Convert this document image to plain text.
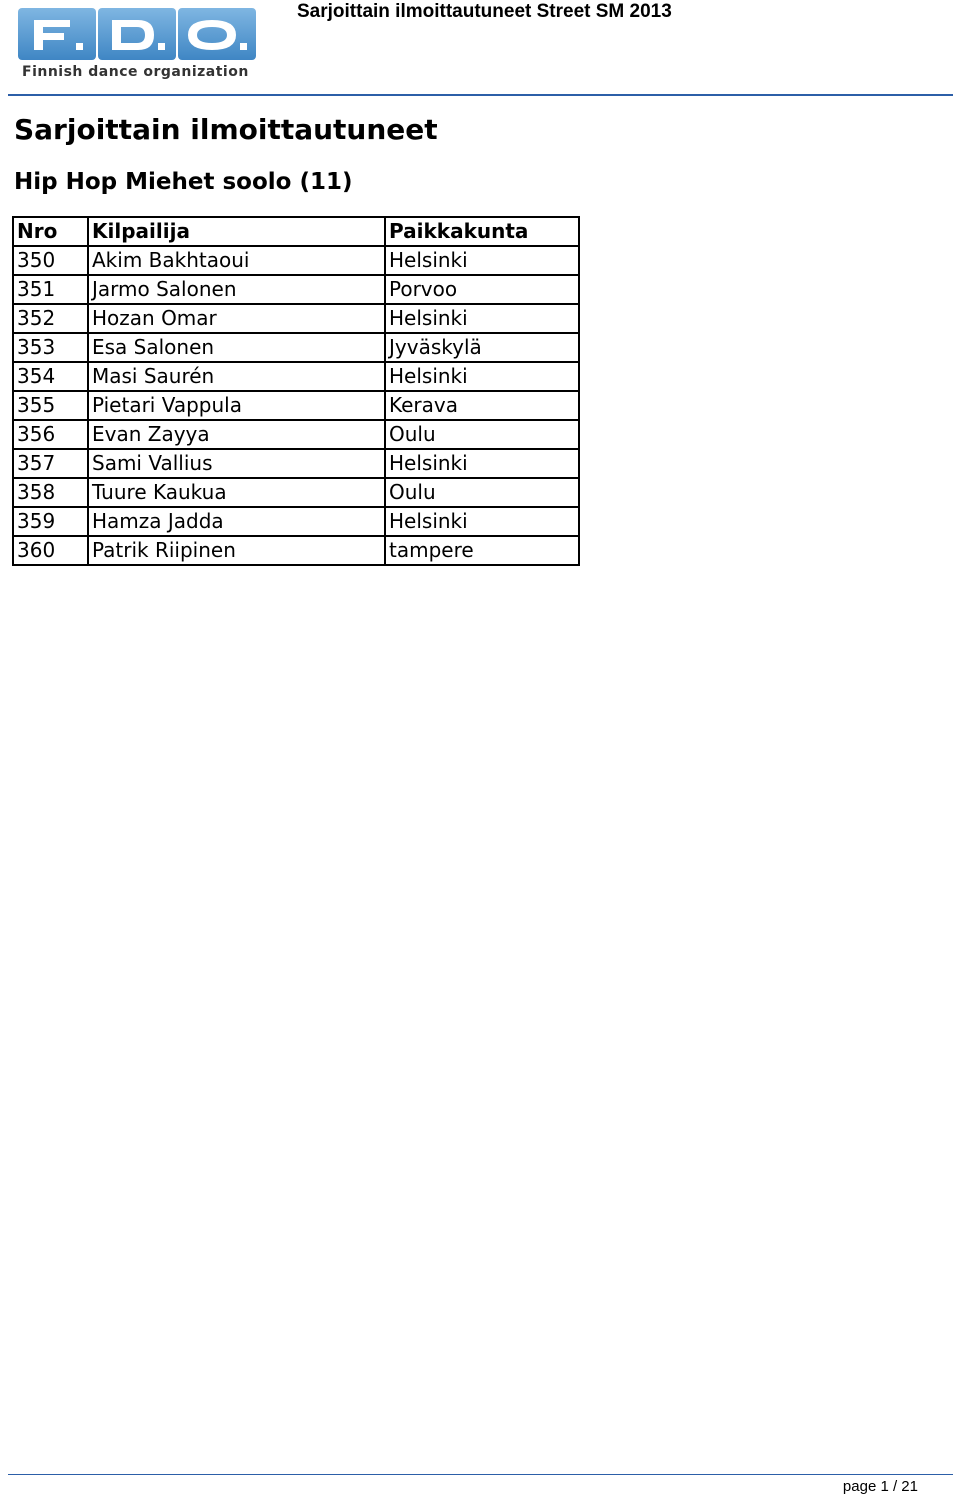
Finnish dance organization
Sarjoittain ilmoittautuneet Street SM 2013
Sarjoittain ilmoittautuneet
Hip Hop Miehet soolo (11)
Nro	Kilpailija	Paikkakunta
350	Akim Bakhtaoui	Helsinki
351	Jarmo Salonen	Porvoo
352	Hozan Omar	Helsinki
353	Esa Salonen	Jyväskylä
354	Masi Saurén	Helsinki
355	Pietari Vappula	Kerava
356	Evan Zayya	Oulu
357	Sami Vallius	Helsinki
358	Tuure Kaukua	Oulu
359	Hamza Jadda	Helsinki
360	Patrik Riipinen	tampere
page 1 / 21
